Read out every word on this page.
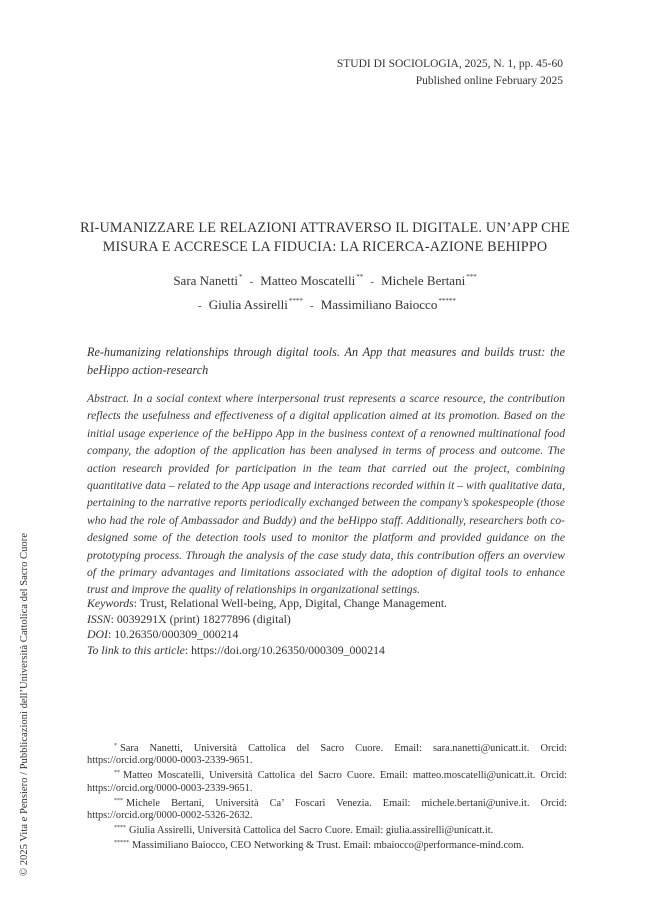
STUDI DI SOCIOLOGIA, 2025, N. 1, pp. 45-60
Published online February 2025
RI-UMANIZZARE LE RELAZIONI ATTRAVERSO IL DIGITALE. UN’APP CHE
MISURA E ACCRESCE LA FIDUCIA: LA RICERCA-AZIONE BEHIPPO
Sara Nanetti* - Matteo Moscatelli** - Michele Bertani***
- Giulia Assirelli**** - Massimiliano Baiocco*****
Re-humanizing relationships through digital tools. An App that measures and builds trust: the beHippo action-research
Abstract. In a social context where interpersonal trust represents a scarce resource, the contribution reflects the usefulness and effectiveness of a digital application aimed at its promotion. Based on the initial usage experience of the beHippo App in the business context of a renowned multinational food company, the adoption of the application has been analysed in terms of process and outcome. The action research provided for participation in the team that carried out the project, combining quantitative data – related to the App usage and interactions recorded within it – with qualitative data, pertaining to the narrative reports periodically exchanged between the company’s spokespeople (those who had the role of Ambassador and Buddy) and the beHippo staff. Additionally, researchers both co-designed some of the detection tools used to monitor the platform and provided guidance on the prototyping process. Through the analysis of the case study data, this contribution offers an overview of the primary advantages and limitations associated with the adoption of digital tools to enhance trust and improve the quality of relationships in organizational settings.
Keywords: Trust, Relational Well-being, App, Digital, Change Management.
ISSN: 0039291X (print) 18277896 (digital)
DOI: 10.26350/000309_000214
To link to this article: https://doi.org/10.26350/000309_000214

* Sara Nanetti, Università Cattolica del Sacro Cuore. Email: sara.nanetti@unicatt.it. Orcid: https://orcid.org/0000-0003-2339-9651.

** Matteo Moscatelli, Università Cattolica del Sacro Cuore. Email: matteo.moscatelli@unicatt.it. Orcid: https://orcid.org/0000-0003-2339-9651.

*** Michele Bertani, Università Ca’ Foscari Venezia. Email: michele.bertani@unive.it. Orcid: https://orcid.org/0000-0002-5326-2632.

**** Giulia Assirelli, Università Cattolica del Sacro Cuore. Email: giulia.assirelli@unicatt.it.

***** Massimiliano Baiocco, CEO Networking & Trust. Email: mbaiocco@performance-mind.com.

© 2025 Vita e Pensiero / Pubblicazioni dell’Università Cattolica del Sacro Cuore
